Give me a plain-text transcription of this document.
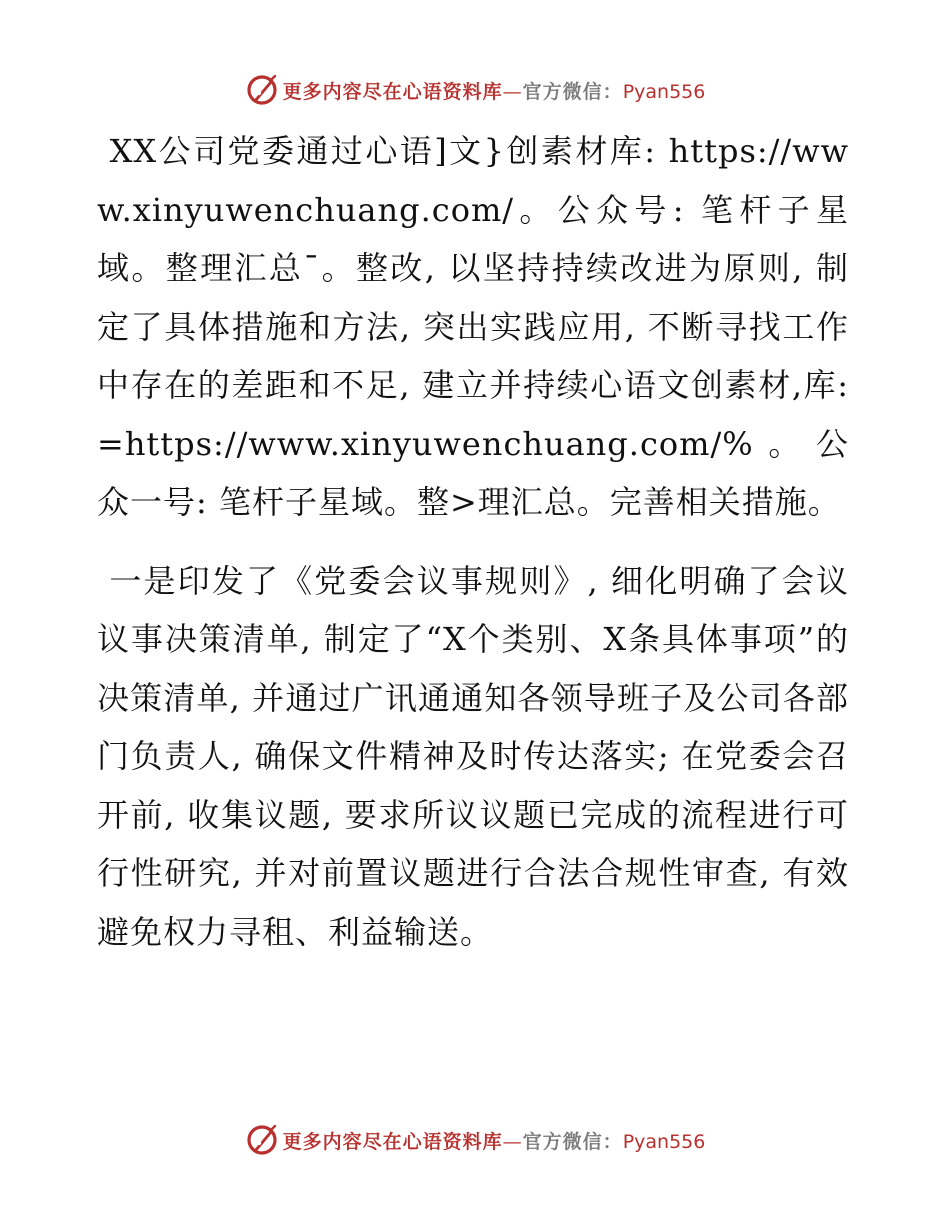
更多内容尽在心语资料库—官方微信：Pyan556

XX公司党委通过心语]文}创素材库: https://www.xinyuwenchuang.com/。公众号: 笔杆子星域。整理汇总¯。整改, 以坚持持续改进为原则, 制定了具体措施和方法, 突出实践应用, 不断寻找工作中存在的差距和不足, 建立并持续心语文创素材,库: =https://www.xinyuwenchuang.com/%。公众一号: 笔杆子星域。整>理汇总。完善相关措施。

一是印发了《党委会议事规则》, 细化明确了会议议事决策清单, 制定了“X个类别、X条具体事项”的决策清单, 并通过广讯通通知各领导班子及公司各部门负责人, 确保文件精神及时传达落实; 在党委会召开前, 收集议题, 要求所议议题已完成的流程进行可行性研究, 并对前置议题进行合法合规性审查, 有效避免权力寻租、利益输送。

更多内容尽在心语资料库—官方微信：Pyan556
